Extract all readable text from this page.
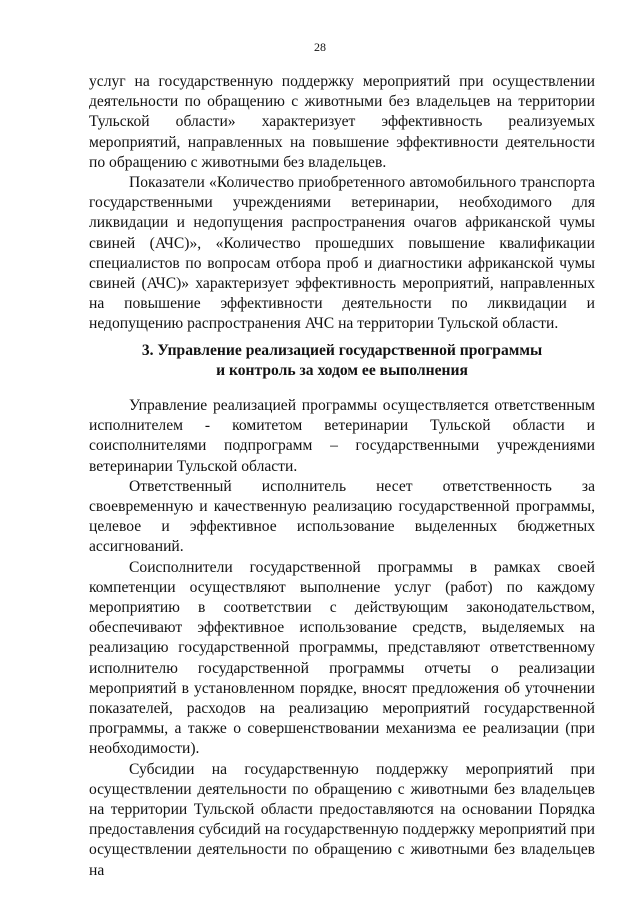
28

услуг на государственную поддержку мероприятий при осуществлении деятельности по обращению с животными без владельцев на территории Тульской области» характеризует эффективность реализуемых мероприятий, направленных на повышение эффективности деятельности по обращению с животными без владельцев.

Показатели «Количество приобретенного автомобильного транспорта государственными учреждениями ветеринарии, необходимого для ликвидации и недопущения распространения очагов африканской чумы свиней (АЧС)», «Количество прошедших повышение квалификации специалистов по вопросам отбора проб и диагностики африканской чумы свиней (АЧС)» характеризует эффективность мероприятий, направленных на повышение эффективности деятельности по ликвидации и недопущению распространения АЧС на территории Тульской области.

3. Управление реализацией государственной программы
и контроль за ходом ее выполнения

Управление реализацией программы осуществляется ответственным исполнителем - комитетом ветеринарии Тульской области и соисполнителями подпрограмм – государственными учреждениями ветеринарии Тульской области.

Ответственный исполнитель несет ответственность за своевременную и качественную реализацию государственной программы, целевое и эффективное использование выделенных бюджетных ассигнований.

Соисполнители государственной программы в рамках своей компетенции осуществляют выполнение услуг (работ) по каждому мероприятию в соответствии с действующим законодательством, обеспечивают эффективное использование средств, выделяемых на реализацию государственной программы, представляют ответственному исполнителю государственной программы отчеты о реализации мероприятий в установленном порядке, вносят предложения об уточнении показателей, расходов на реализацию мероприятий государственной программы, а также о совершенствовании механизма ее реализации (при необходимости).

Субсидии на государственную поддержку мероприятий при осуществлении деятельности по обращению с животными без владельцев на территории Тульской области предоставляются на основании Порядка предоставления субсидий на государственную поддержку мероприятий при осуществлении деятельности по обращению с животными без владельцев на
